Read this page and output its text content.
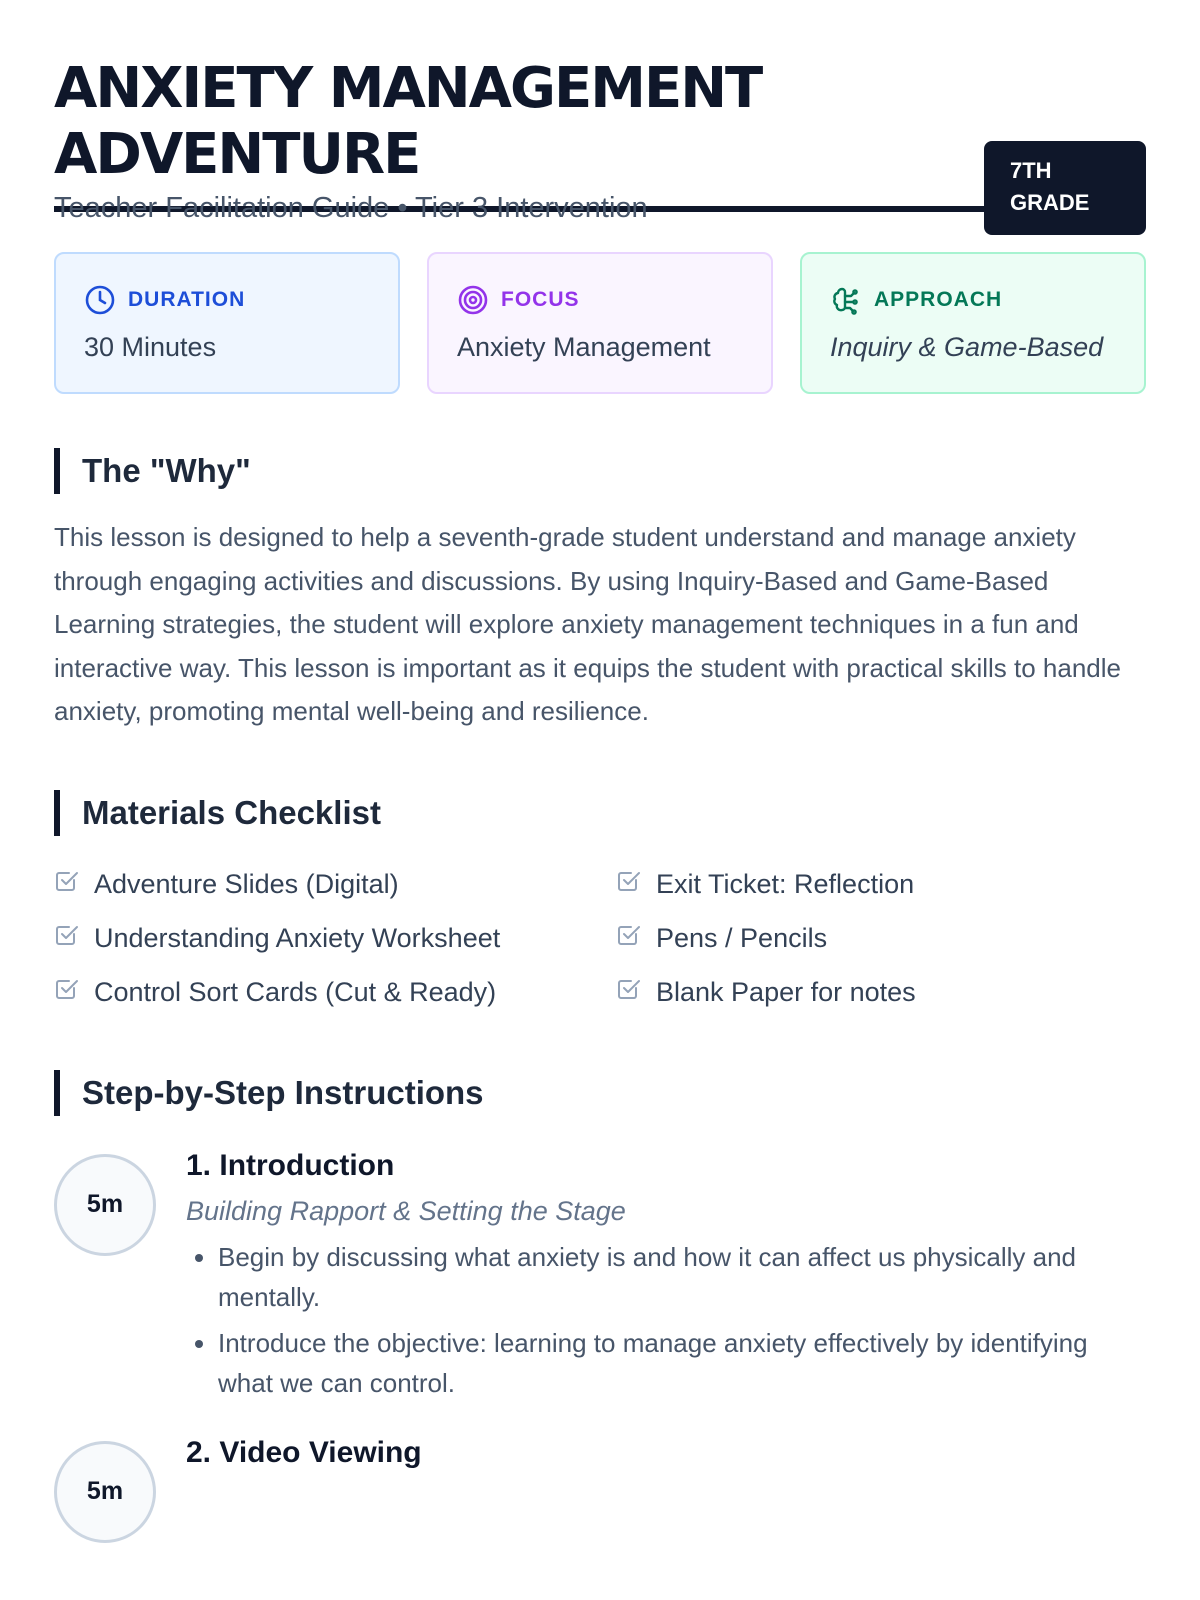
ANXIETY MANAGEMENT ADVENTURE
Teacher Facilitation Guide • Tier 3 Intervention
7TH
GRADE
DURATION
30 Minutes
FOCUS
Anxiety Management
APPROACH
Inquiry & Game-Based
The "Why"

This lesson is designed to help a seventh-grade student understand and manage anxiety through engaging activities and discussions. By using Inquiry-Based and Game-Based Learning strategies, the student will explore anxiety management techniques in a fun and interactive way. This lesson is important as it equips the student with practical skills to handle anxiety, promoting mental well-being and resilience.

Materials Checklist
Adventure Slides (Digital)	Exit Ticket: Reflection
Understanding Anxiety Worksheet	Pens / Pencils
Control Sort Cards (Cut & Ready)	Blank Paper for notes
Step-by-Step Instructions
5m
1. Introduction
Building Rapport & Setting the Stage
• Begin by discussing what anxiety is and how it can affect us physically and mentally.
• Introduce the objective: learning to manage anxiety effectively by identifying what we can control.
5m
2. Video Viewing
